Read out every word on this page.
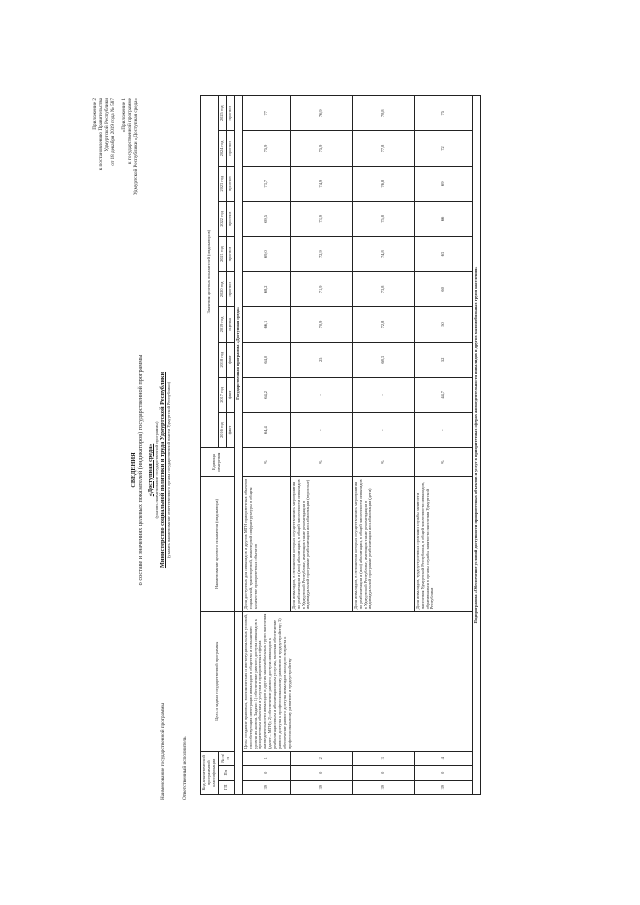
Приложение 2 к постановлению Правительства Удмуртской Республики от 18 декабря 2019 года № 587 «Приложение 1 к государственной программе Удмуртской Республики «Доступная среда»
СВЕДЕНИЯ о составе и значениях целевых показателей (индикаторов) государственной программы «Доступная среда» (указать наименование государственной программы) Министерство социальной политики и труда Удмуртской Республики (указать наименование ответственного органа государственной власти Удмуртской Республики)
Наименование государственной программы	Ответственный исполнитель	Код аналитической программной классификации			Цель и задачи государственной программы	Наименование целевого показателя (индикатора)	Единица измерения	Значения целевых показателей (индикаторов)									
ГП	Пп	№ п/п				2016 год	2017 год	2018 год	2019 год	2020 год	2021 год	2022 год	2023 год	2024 год	2025 год
						факт	факт	факт	оценка	прогноз	прогноз	прогноз	прогноз	прогноз	прогноз
				Государственная программа «Доступная среда»											
39	0	1	Цель: создание правовых, экономических и институциональных условий, способствующих интеграции инвалидов в общество и повышению уровня их жизни. Задачи: 1) обеспечение равного доступа инвалидов к приоритетным объектам и услугам в приоритетных сферах жизнедеятельности инвалидов и других маломобильных групп населения (далее – МГН); 2) обеспечение равного доступа инвалидов к реабилитационным и абилитационным услугам, включая обеспечение равного доступа к профессиональному развитию и трудоустройству; 3) обеспечение равного доступа инвалидов молодого возраста к профессиональному развитию и трудоустройству	Доля доступных для инвалидов и других МГН приоритетных объектов социальной, транспортной, инженерной инфраструктуры в общем количестве приоритетных объектов	%	64,4	64,2	64,0	66,1	68,2	69,0	69,5	73,7	75,9	77
39	0	2		Доля инвалидов, в отношении которых осуществлялись мероприятия по реабилитации и (или) абилитации, в общей численности инвалидов в Удмуртской Республике, имеющих такие рекомендации в индивидуальной программе реабилитации или абилитации (взрослые)	%	-	-	25	70,9	71,9	72,9	73,9	74,9	75,9	76,9
39	0	3		Доля инвалидов, в отношении которых осуществлялись мероприятия по реабилитации и (или) абилитации, в общей численности инвалидов в Удмуртской Республике, имеющих такие рекомендации в индивидуальной программе реабилитации или абилитации (дети)	%	-	-	68,3	72,8	73,8	74,8	75,8	76,8	77,8	78,8
39	0	4		Доля инвалидов, трудоустроенных органами службы занятости населения Удмуртской Республики, в общей численности инвалидов, обратившихся в органы службы занятости населения Удмуртской Республики	%	-	44,7	52	50	60	63	66	69	72	75
Подпрограмма «Обеспечение условий доступности приоритетных объектов и услуг в приоритетных сферах жизнедеятельности инвалидов и других маломобильных групп населения»															
